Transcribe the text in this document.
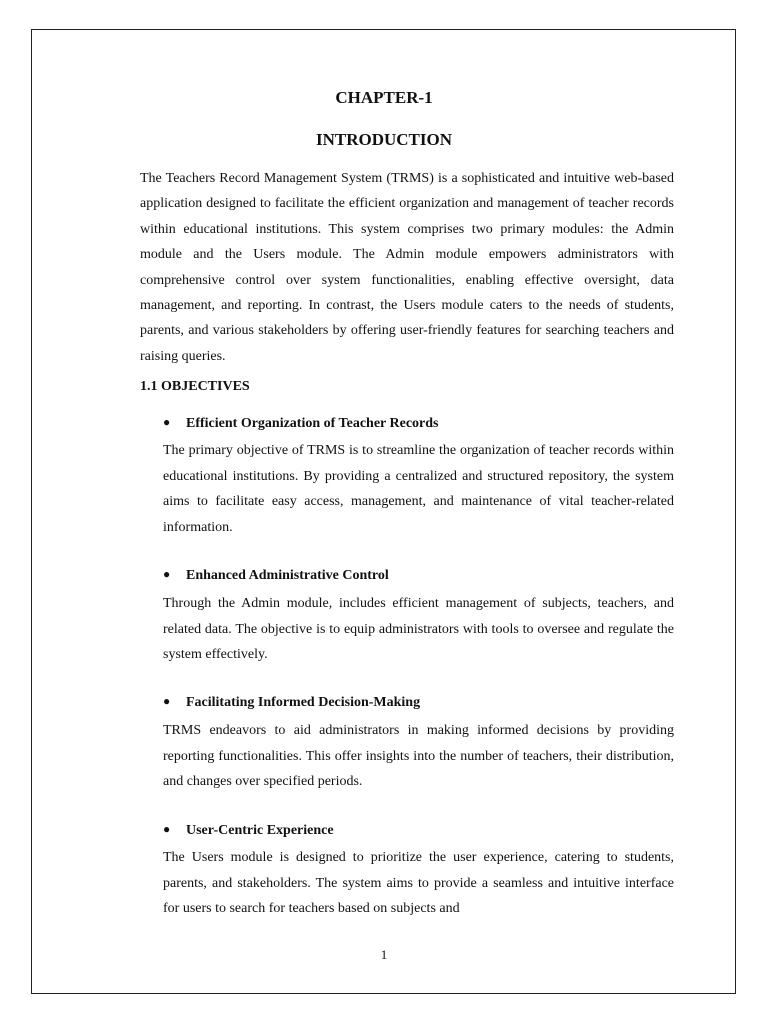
CHAPTER-1
INTRODUCTION

The Teachers Record Management System (TRMS) is a sophisticated and intuitive web-based application designed to facilitate the efficient organization and management of teacher records within educational institutions. This system comprises two primary modules: the Admin module and the Users module. The Admin module empowers administrators with comprehensive control over system functionalities, enabling effective oversight, data management, and reporting. In contrast, the Users module caters to the needs of students, parents, and various stakeholders by offering user-friendly features for searching teachers and raising queries.

1.1 OBJECTIVES
● Efficient Organization of Teacher Records

The primary objective of TRMS is to streamline the organization of teacher records within educational institutions. By providing a centralized and structured repository, the system aims to facilitate easy access, management, and maintenance of vital teacher-related information.

● Enhanced Administrative Control

Through the Admin module, includes efficient management of subjects, teachers, and related data. The objective is to equip administrators with tools to oversee and regulate the system effectively.

● Facilitating Informed Decision-Making

TRMS endeavors to aid administrators in making informed decisions by providing reporting functionalities. This offer insights into the number of teachers, their distribution, and changes over specified periods.

● User-Centric Experience

The Users module is designed to prioritize the user experience, catering to students, parents, and stakeholders. The system aims to provide a seamless and intuitive interface for users to search for teachers based on subjects and

1
